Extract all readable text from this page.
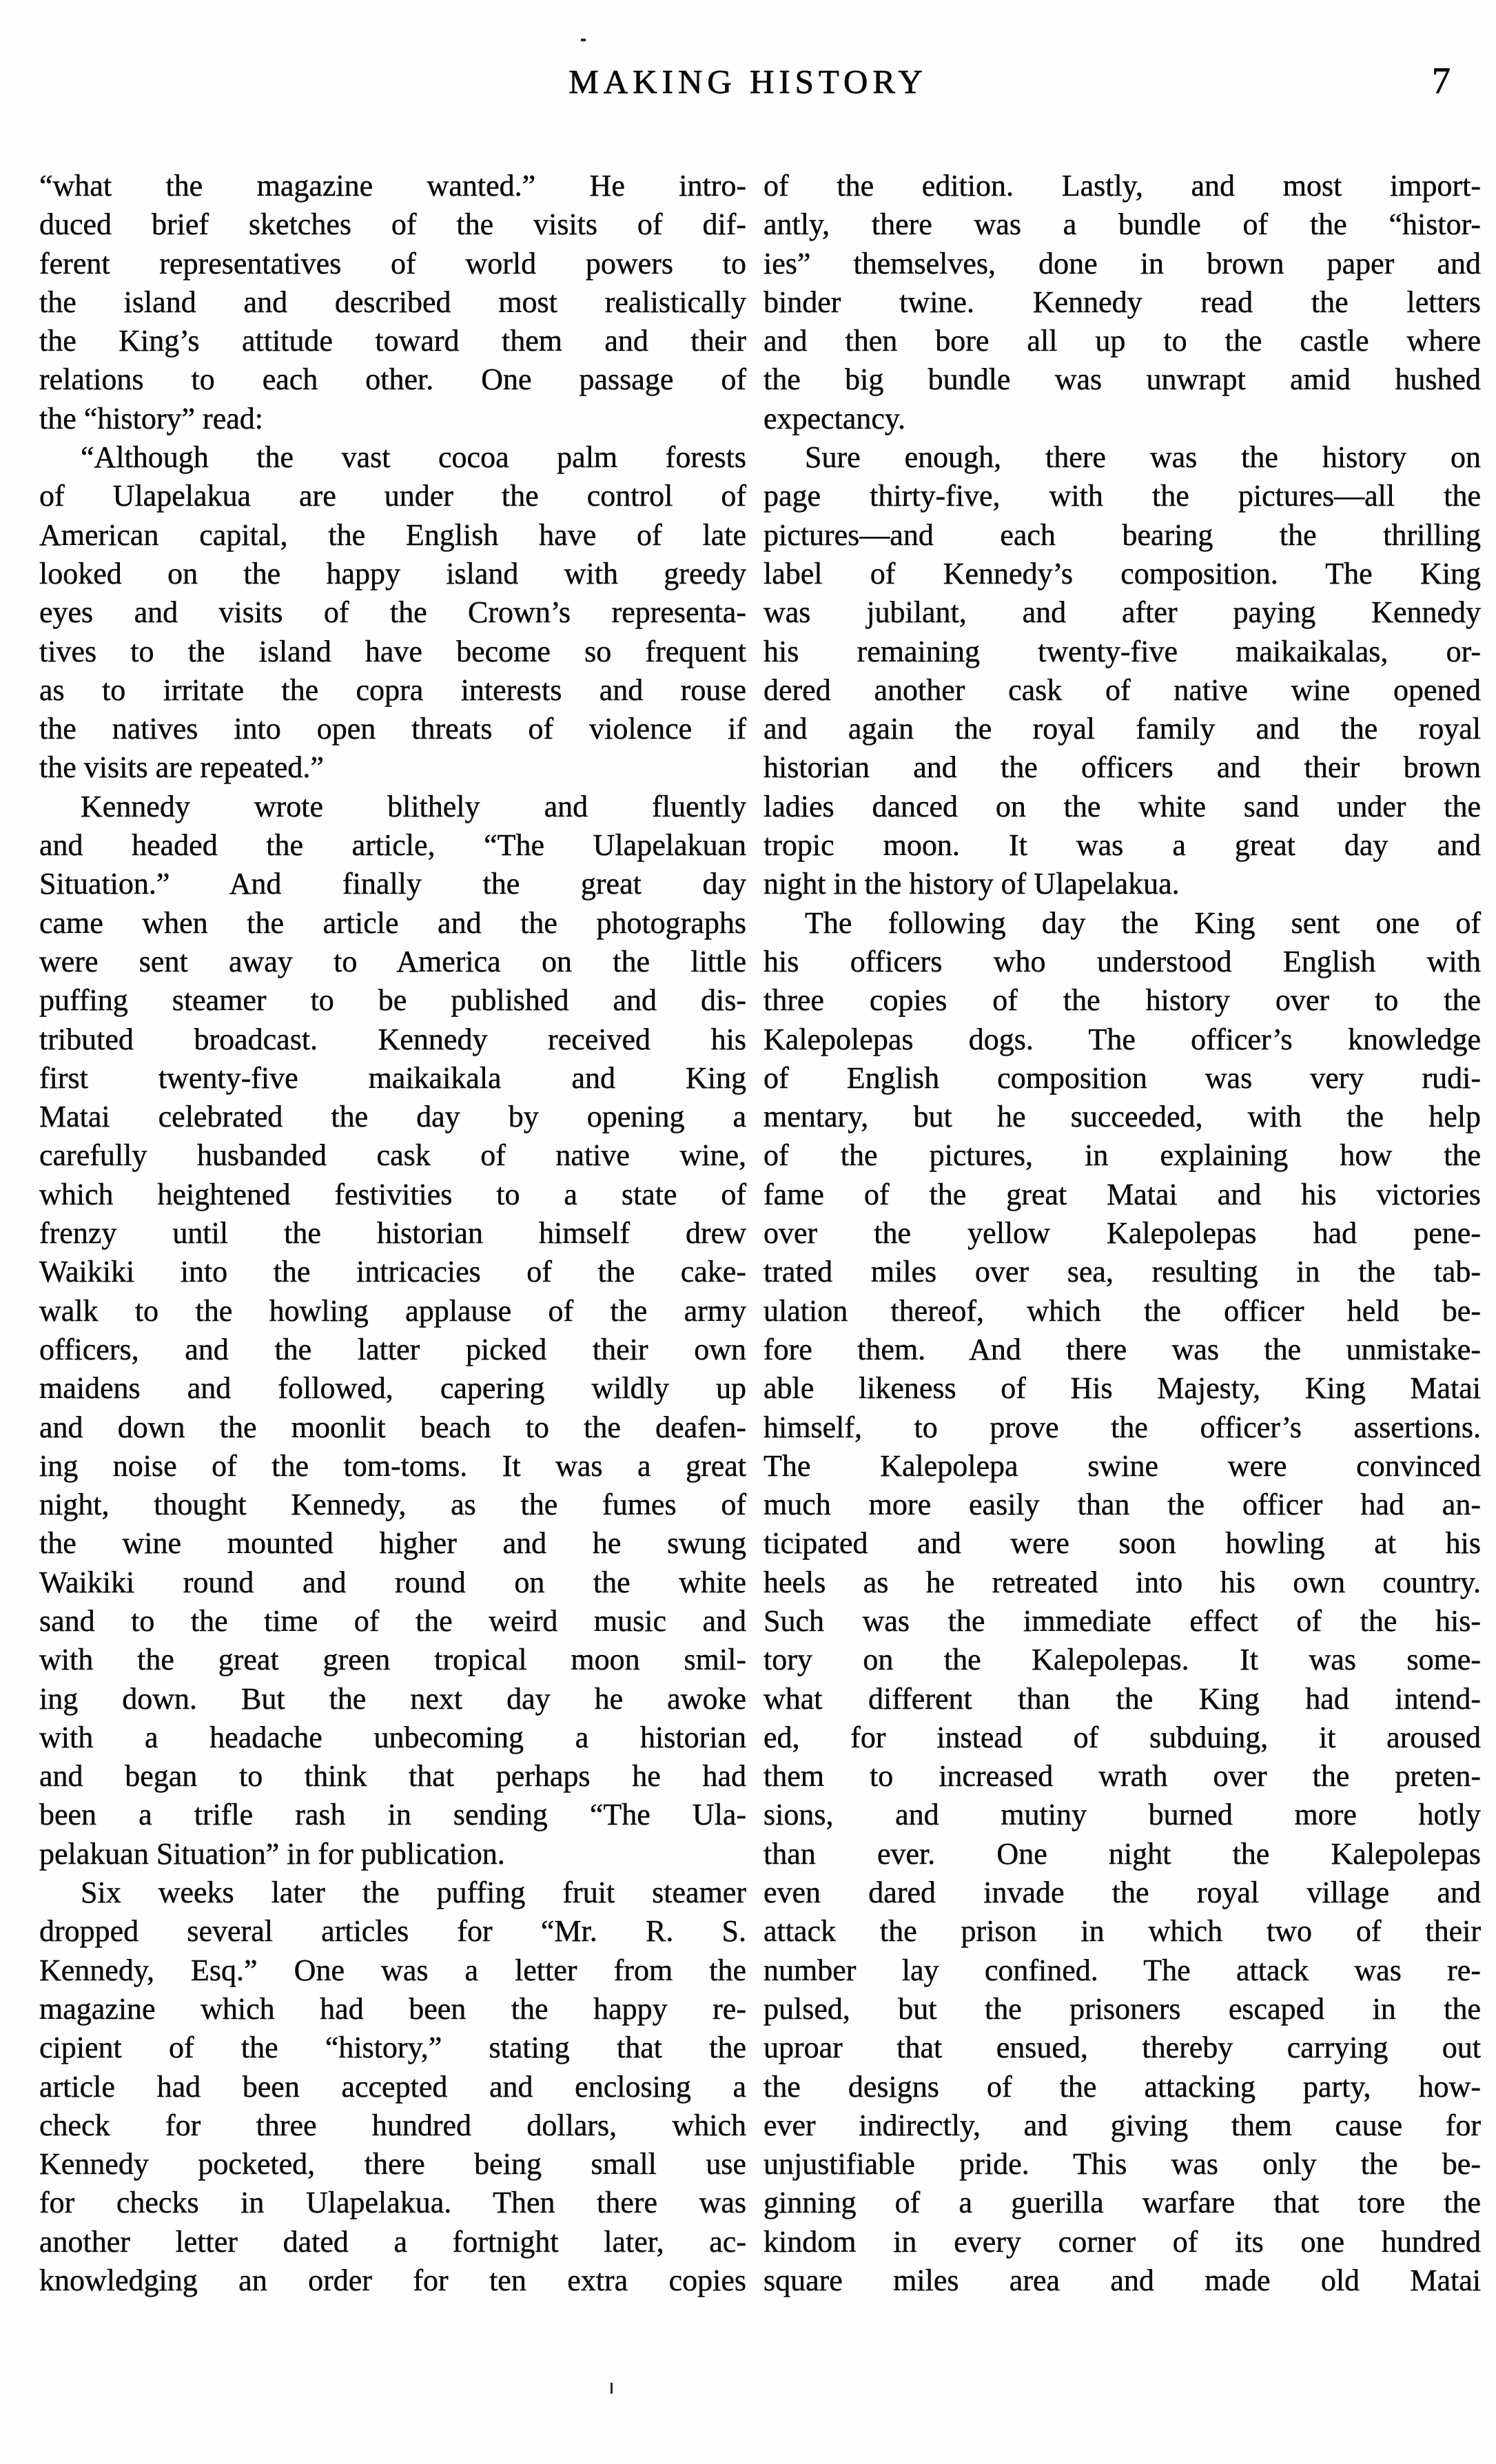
MAKING HISTORY	7
“what the magazine wanted.” He intro-
duced brief sketches of the visits of dif-
ferent representatives of world powers to
the island and described most realistically
the King’s attitude toward them and their
relations to each other. One passage of
the “history” read:
“Although the vast cocoa palm forests
of Ulapelakua are under the control of
American capital, the English have of late
looked on the happy island with greedy
eyes and visits of the Crown’s representa-
tives to the island have become so frequent
as to irritate the copra interests and rouse
the natives into open threats of violence if
the visits are repeated.”
Kennedy wrote blithely and fluently
and headed the article, “The Ulapelakuan
Situation.” And finally the great day
came when the article and the photographs
were sent away to America on the little
puffing steamer to be published and dis-
tributed broadcast. Kennedy received his
first twenty-five maikaikala and King
Matai celebrated the day by opening a
carefully husbanded cask of native wine,
which heightened festivities to a state of
frenzy until the historian himself drew
Waikiki into the intricacies of the cake-
walk to the howling applause of the army
officers, and the latter picked their own
maidens and followed, capering wildly up
and down the moonlit beach to the deafen-
ing noise of the tom-toms. It was a great
night, thought Kennedy, as the fumes of
the wine mounted higher and he swung
Waikiki round and round on the white
sand to the time of the weird music and
with the great green tropical moon smil-
ing down. But the next day he awoke
with a headache unbecoming a historian
and began to think that perhaps he had
been a trifle rash in sending “The Ula-
pelakuan Situation” in for publication.
Six weeks later the puffing fruit steamer
dropped several articles for “Mr. R. S.
Kennedy, Esq.” One was a letter from the
magazine which had been the happy re-
cipient of the “history,” stating that the
article had been accepted and enclosing a
check for three hundred dollars, which
Kennedy pocketed, there being small use
for checks in Ulapelakua. Then there was
another letter dated a fortnight later, ac-
knowledging an order for ten extra copies
of the edition. Lastly, and most import-
antly, there was a bundle of the “histor-
ies” themselves, done in brown paper and
binder twine. Kennedy read the letters
and then bore all up to the castle where
the big bundle was unwrapt amid hushed
expectancy.
Sure enough, there was the history on
page thirty-five, with the pictures—all the
pictures—and each bearing the thrilling
label of Kennedy’s composition. The King
was jubilant, and after paying Kennedy
his remaining twenty-five maikaikalas, or-
dered another cask of native wine opened
and again the royal family and the royal
historian and the officers and their brown
ladies danced on the white sand under the
tropic moon. It was a great day and
night in the history of Ulapelakua.
The following day the King sent one of
his officers who understood English with
three copies of the history over to the
Kalepolepas dogs. The officer’s knowledge
of English composition was very rudi-
mentary, but he succeeded, with the help
of the pictures, in explaining how the
fame of the great Matai and his victories
over the yellow Kalepolepas had pene-
trated miles over sea, resulting in the tab-
ulation thereof, which the officer held be-
fore them. And there was the unmistake-
able likeness of His Majesty, King Matai
himself, to prove the officer’s assertions.
The Kalepolepa swine were convinced
much more easily than the officer had an-
ticipated and were soon howling at his
heels as he retreated into his own country.
Such was the immediate effect of the his-
tory on the Kalepolepas. It was some-
what different than the King had intend-
ed, for instead of subduing, it aroused
them to increased wrath over the preten-
sions, and mutiny burned more hotly
than ever. One night the Kalepolepas
even dared invade the royal village and
attack the prison in which two of their
number lay confined. The attack was re-
pulsed, but the prisoners escaped in the
uproar that ensued, thereby carrying out
the designs of the attacking party, how-
ever indirectly, and giving them cause for
unjustifiable pride. This was only the be-
ginning of a guerilla warfare that tore the
kindom in every corner of its one hundred
square miles area and made old Matai
